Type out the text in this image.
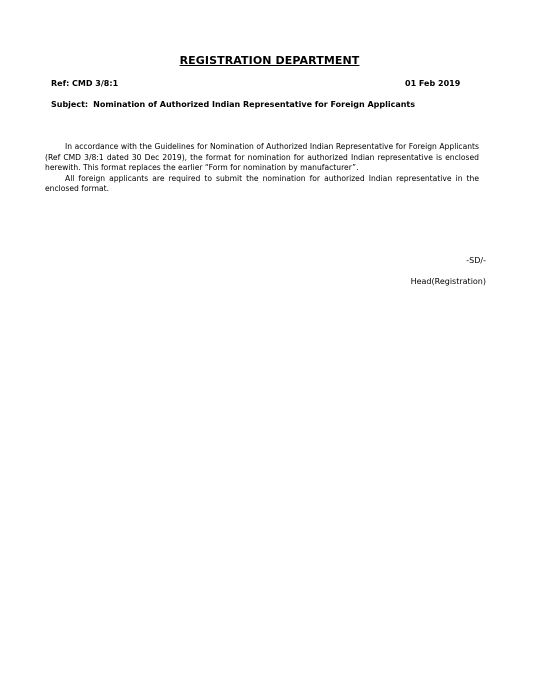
REGISTRATION DEPARTMENT
Ref: CMD 3/8:1	01 Feb 2019
Subject: Nomination of Authorized Indian Representative for Foreign Applicants

In accordance with the Guidelines for Nomination of Authorized Indian Representative for Foreign Applicants (Ref CMD 3/8:1 dated 30 Dec 2019), the format for nomination for authorized Indian representative is enclosed herewith. This format replaces the earlier “Form for nomination by manufacturer”.

All foreign applicants are required to submit the nomination for authorized Indian representative in the enclosed format.

-SD/-
Head(Registration)
